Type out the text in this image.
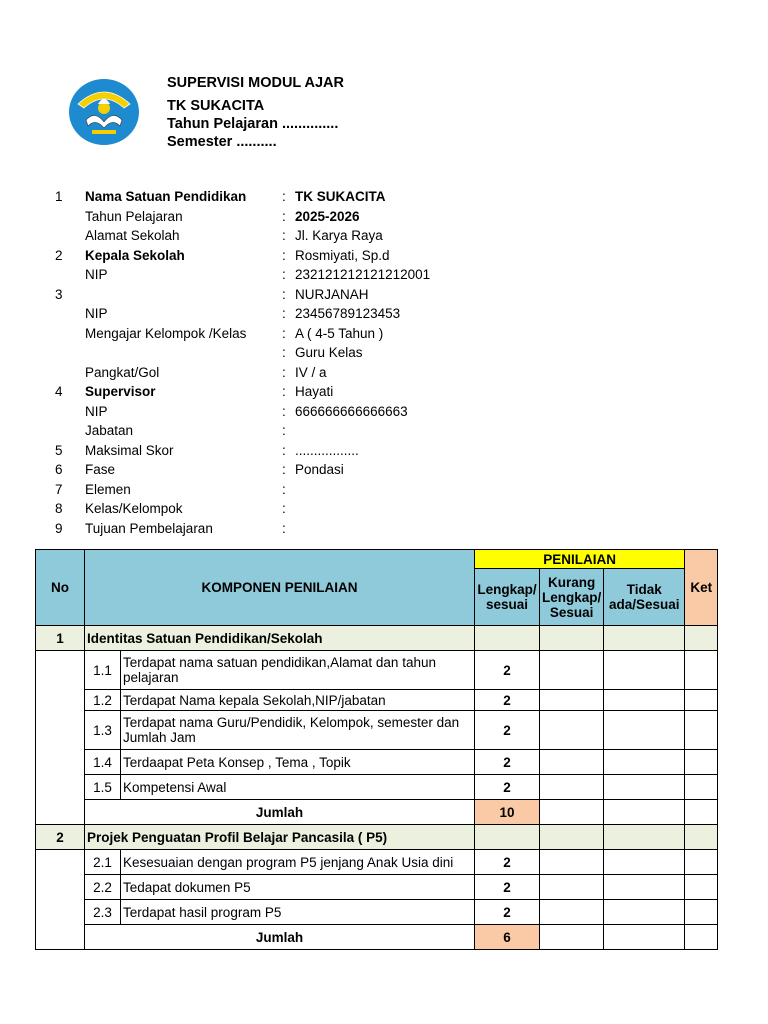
SUPERVISI MODUL AJAR
TK SUKACITA
Tahun Pelajaran ..............
Semester ..........
1 Nama Satuan Pendidikan	: TK SUKACITA
Tahun Pelajaran	: 2025-2026
Alamat Sekolah	: Jl. Karya Raya
2 Kepala Sekolah	: Rosmiyati, Sp.d
NIP	: 232121212121212001
3	: NURJANAH
NIP	: 23456789123453
Mengajar Kelompok /Kelas	: A ( 4-5 Tahun )
: Guru Kelas
Pangkat/Gol	: IV / a
4 Supervisor	: Hayati
NIP	: 666666666666663
Jabatan	:
5 Maksimal Skor	: .................
6 Fase	: Pondasi
7 Elemen	:
8 Kelas/Kelompok	:
9 Tujuan Pembelajaran	:
No	KOMPONEN PENILAIAN		PENILAIAN			Ket
			Lengkap/ sesuai	Kurang Lengkap/ Sesuai	Tidak ada/Sesuai	

1	Identitas Satuan Pendidikan/Sekolah					
	1.1	Terdapat nama satuan pendidikan,Alamat dan tahun pelajaran	2			
	1.2	Terdapat Nama kepala Sekolah,NIP/jabatan	2			
	1.3	Terdapat nama Guru/Pendidik, Kelompok, semester dan Jumlah Jam	2			
	1.4	Terdaapat Peta Konsep , Tema , Topik	2			
	1.5	Kompetensi Awal	2			
	Jumlah		10			
2	Projek Penguatan Profil Belajar Pancasila ( P5)					
	2.1	Kesesuaian dengan program P5 jenjang Anak Usia dini	2			
	2.2	Tedapat dokumen P5	2			
	2.3	Terdapat hasil program P5	2			
	Jumlah		6			
